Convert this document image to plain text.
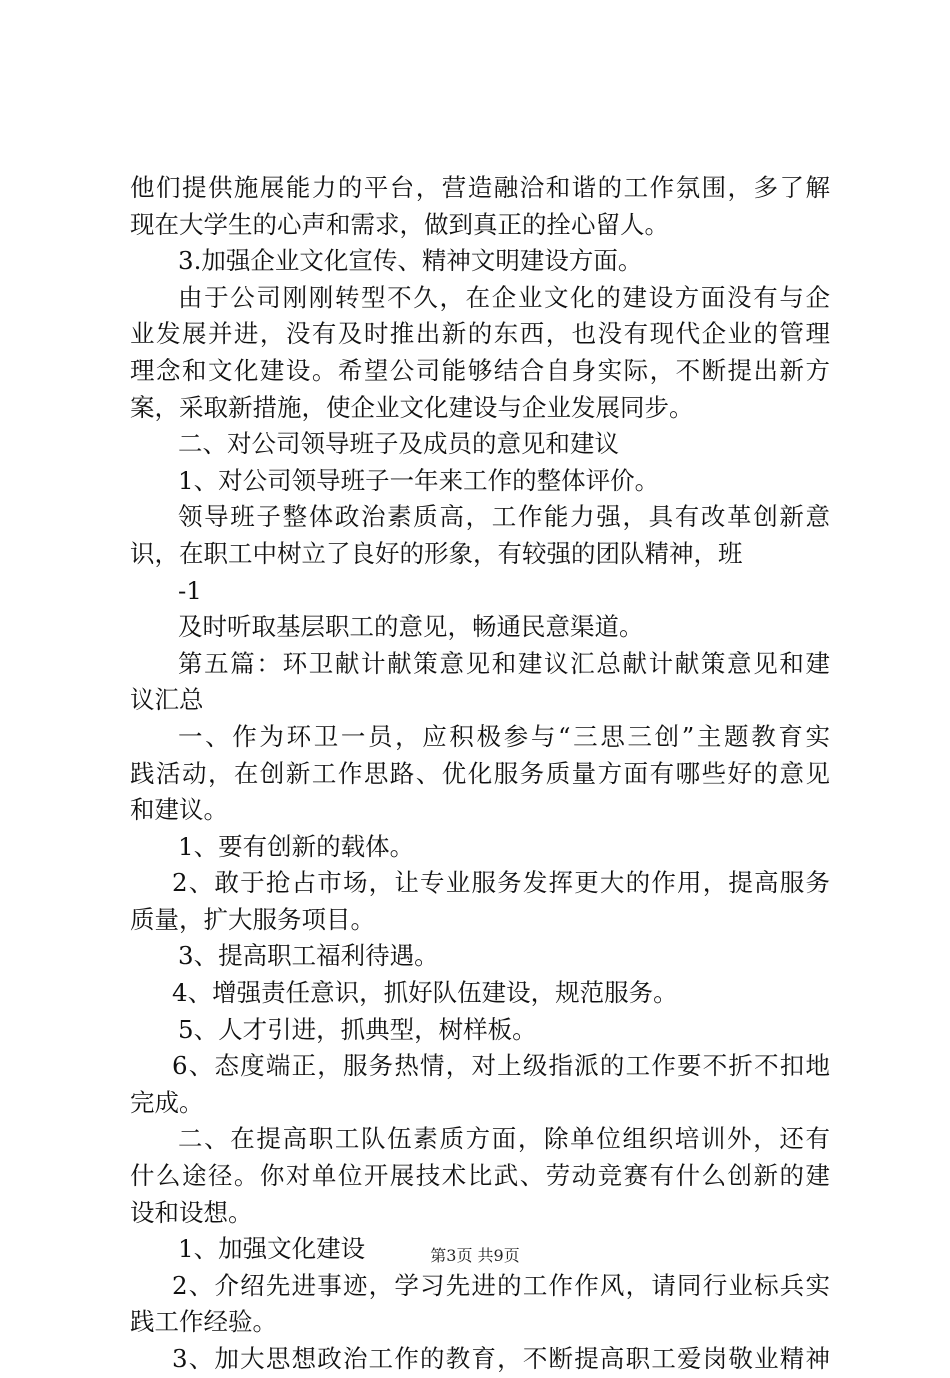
他们提供施展能力的平台，营造融洽和谐的工作氛围，多了解
现在大学生的心声和需求，做到真正的拴心留人。
3.加强企业文化宣传、精神文明建设方面。
由于公司刚刚转型不久，在企业文化的建设方面没有与企
业发展并进，没有及时推出新的东西，也没有现代企业的管理
理念和文化建设。希望公司能够结合自身实际，不断提出新方
案，采取新措施，使企业文化建设与企业发展同步。
二、对公司领导班子及成员的意见和建议
1、对公司领导班子一年来工作的整体评价。
领导班子整体政治素质高，工作能力强，具有改革创新意
识，在职工中树立了良好的形象，有较强的团队精神，班
-1
及时听取基层职工的意见，畅通民意渠道。
第五篇：环卫献计献策意见和建议汇总献计献策意见和建
议汇总
一、作为环卫一员，应积极参与“三思三创”主题教育实
践活动，在创新工作思路、优化服务质量方面有哪些好的意见
和建议。
1、要有创新的载体。
2、敢于抢占市场，让专业服务发挥更大的作用，提高服务
质量，扩大服务项目。
3、提高职工福利待遇。
4、增强责任意识，抓好队伍建设，规范服务。
5、人才引进，抓典型，树样板。
6、态度端正，服务热情，对上级指派的工作要不折不扣地
完成。
二、在提高职工队伍素质方面，除单位组织培训外，还有
什么途径。你对单位开展技术比武、劳动竞赛有什么创新的建
设和设想。
1、加强文化建设
2、介绍先进事迹，学习先进的工作作风，请同行业标兵实
践工作经验。
3、加大思想政治工作的教育，不断提高职工爱岗敬业精神
第3页 共9页
